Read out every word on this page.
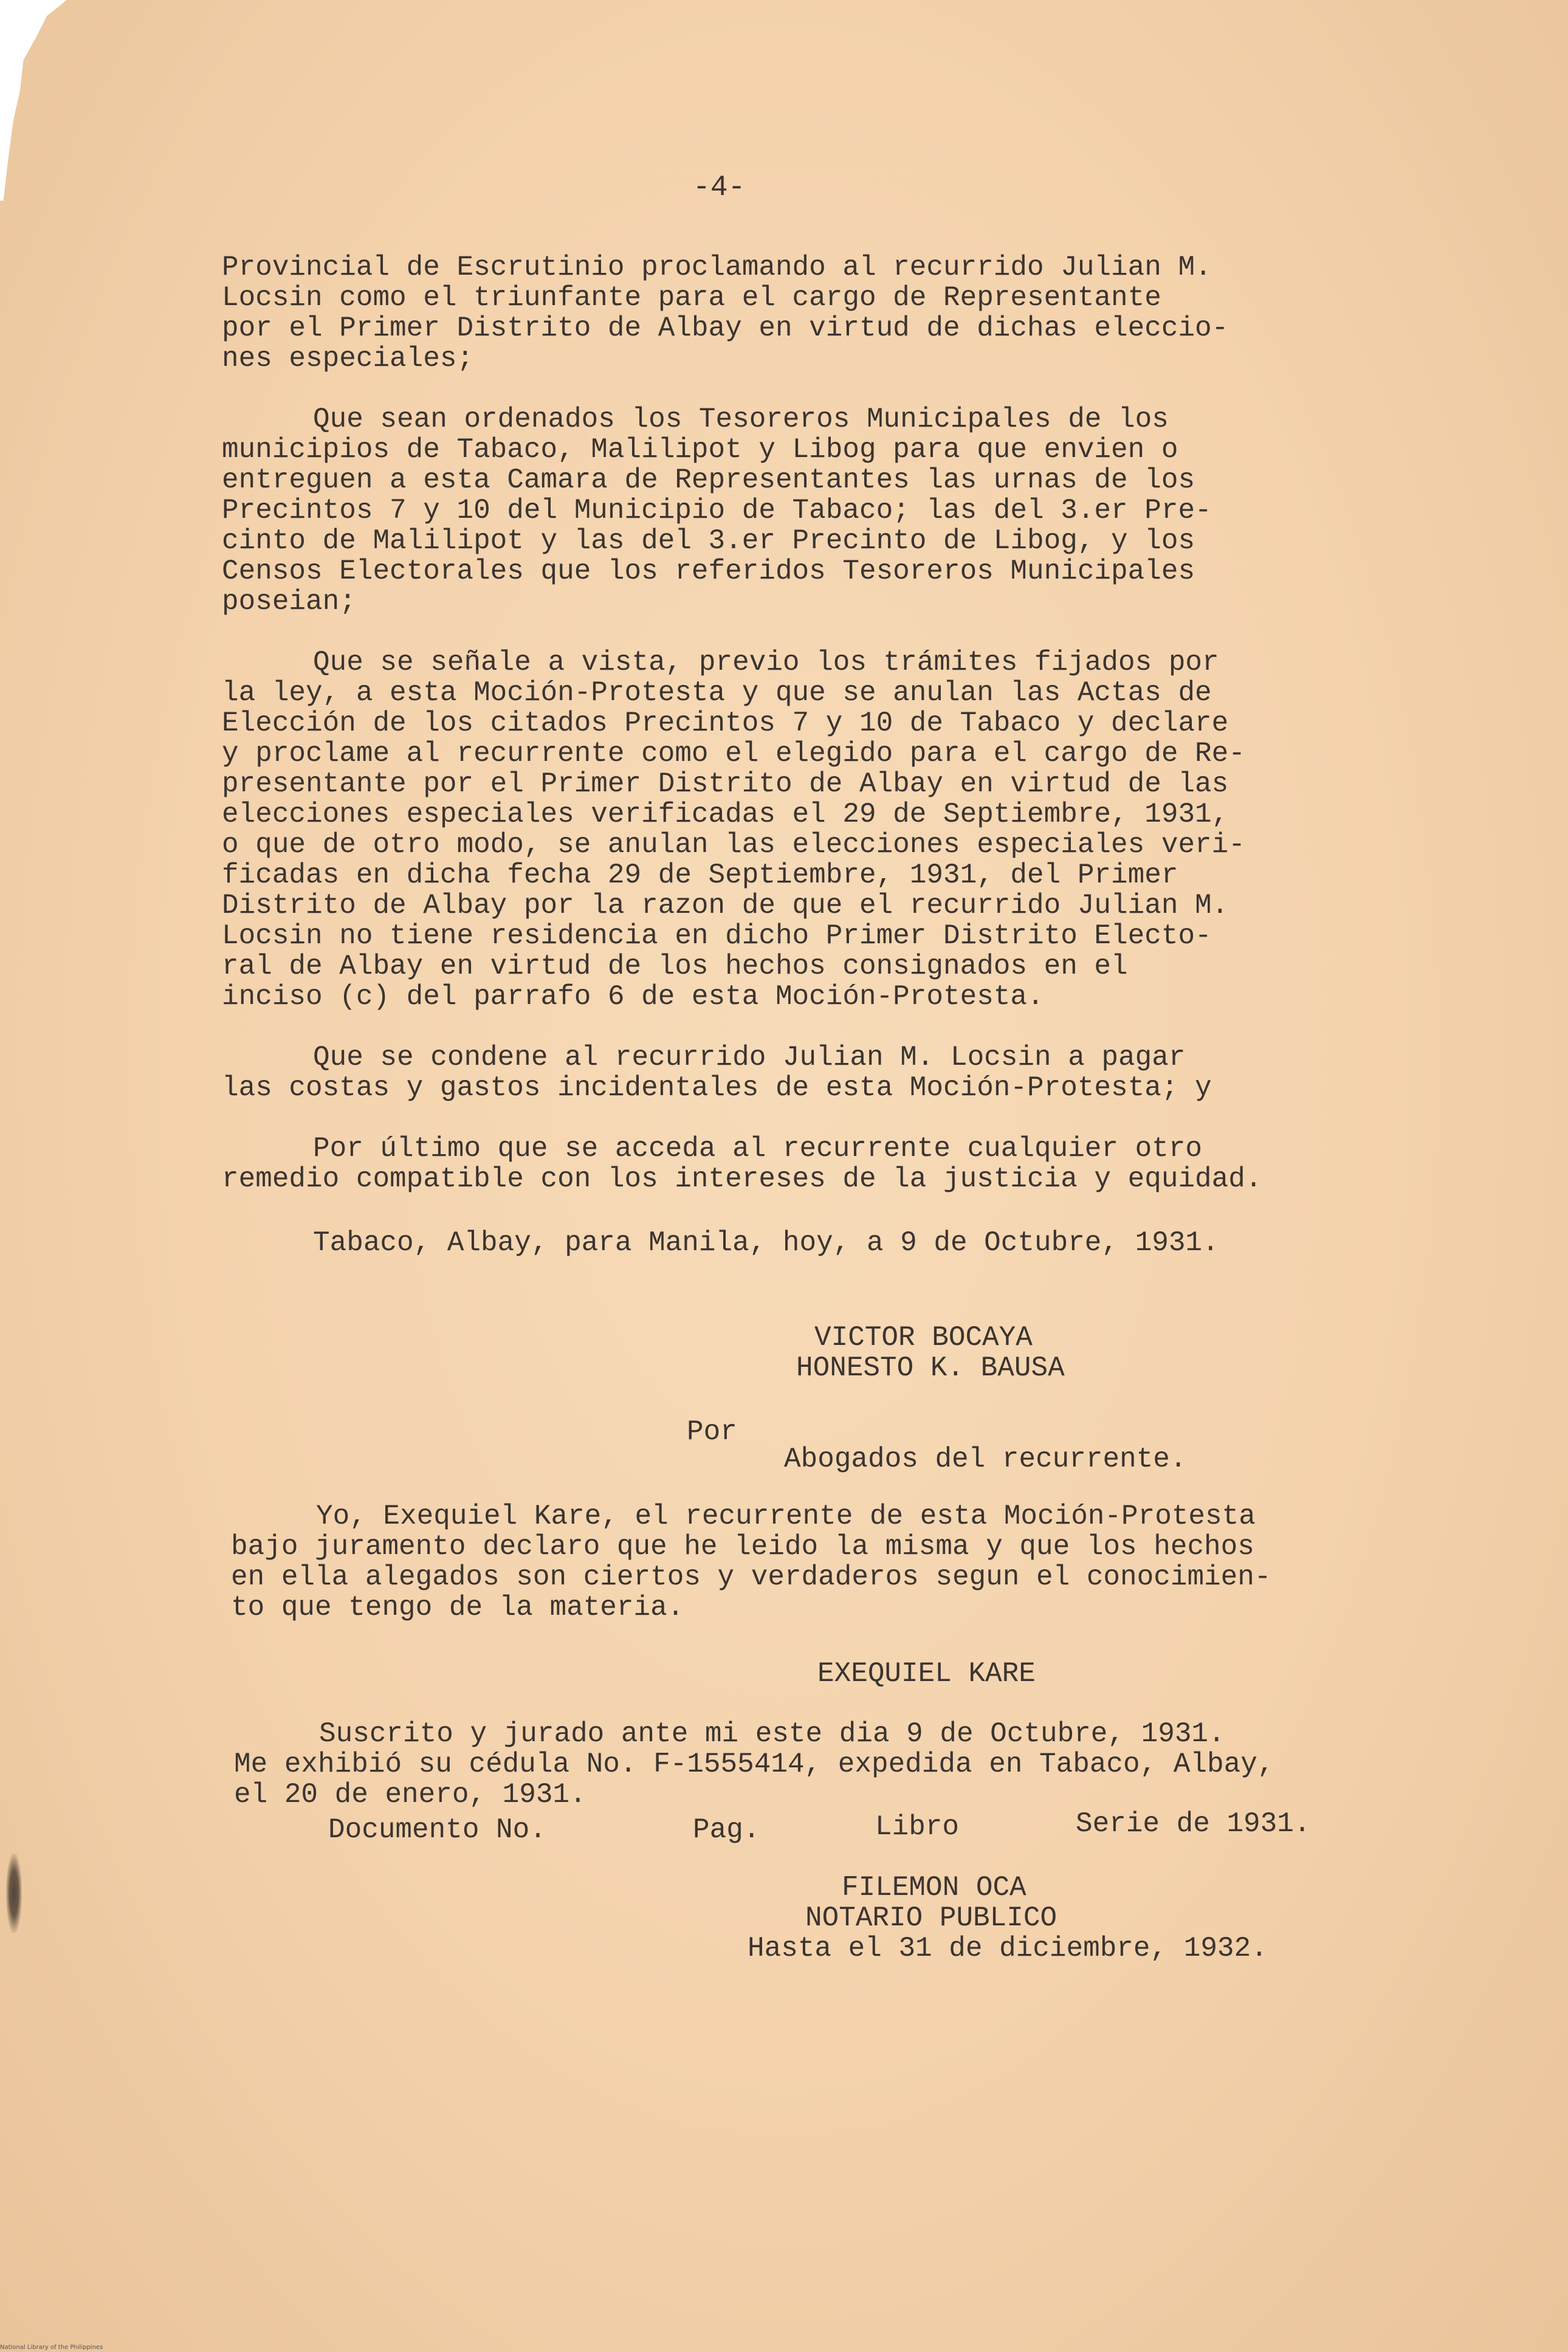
-4-
Provincial de Escrutinio proclamando al recurrido Julian M.
Locsin como el triunfante para el cargo de Representante
por el Primer Distrito de Albay en virtud de dichas eleccio-
nes especiales;
Que sean ordenados los Tesoreros Municipales de los
municipios de Tabaco, Malilipot y Libog para que envien o
entreguen a esta Camara de Representantes las urnas de los
Precintos 7 y 10 del Municipio de Tabaco; las del 3.er Pre-
cinto de Malilipot y las del 3.er Precinto de Libog, y los
Censos Electorales que los referidos Tesoreros Municipales
poseian;
Que se señale a vista, previo los trámites fijados por
la ley, a esta Moción-Protesta y que se anulan las Actas de
Elección de los citados Precintos 7 y 10 de Tabaco y declare
y proclame al recurrente como el elegido para el cargo de Re-
presentante por el Primer Distrito de Albay en virtud de las
elecciones especiales verificadas el 29 de Septiembre, 1931,
o que de otro modo, se anulan las elecciones especiales veri-
ficadas en dicha fecha 29 de Septiembre, 1931, del Primer
Distrito de Albay por la razon de que el recurrido Julian M.
Locsin no tiene residencia en dicho Primer Distrito Electo-
ral de Albay en virtud de los hechos consignados en el
inciso (c) del parrafo 6 de esta Moción-Protesta.
Que se condene al recurrido Julian M. Locsin a pagar
las costas y gastos incidentales de esta Moción-Protesta; y
Por último que se acceda al recurrente cualquier otro
remedio compatible con los intereses de la justicia y equidad.
Tabaco, Albay, para Manila, hoy, a 9 de Octubre, 1931.
VICTOR BOCAYA
HONESTO K. BAUSA
Por
Abogados del recurrente.
Yo, Exequiel Kare, el recurrente de esta Moción-Protesta
bajo juramento declaro que he leido la misma y que los hechos
en ella alegados son ciertos y verdaderos segun el conocimien-
to que tengo de la materia.
EXEQUIEL KARE
Suscrito y jurado ante mi este dia 9 de Octubre, 1931.
Me exhibió su cédula No. F-1555414, expedida en Tabaco, Albay,
el 20 de enero, 1931.
Documento No.	Pag.	Libro	Serie de 1931.
FILEMON OCA
NOTARIO PUBLICO
Hasta el 31 de diciembre, 1932.
National Library of the Philippines
